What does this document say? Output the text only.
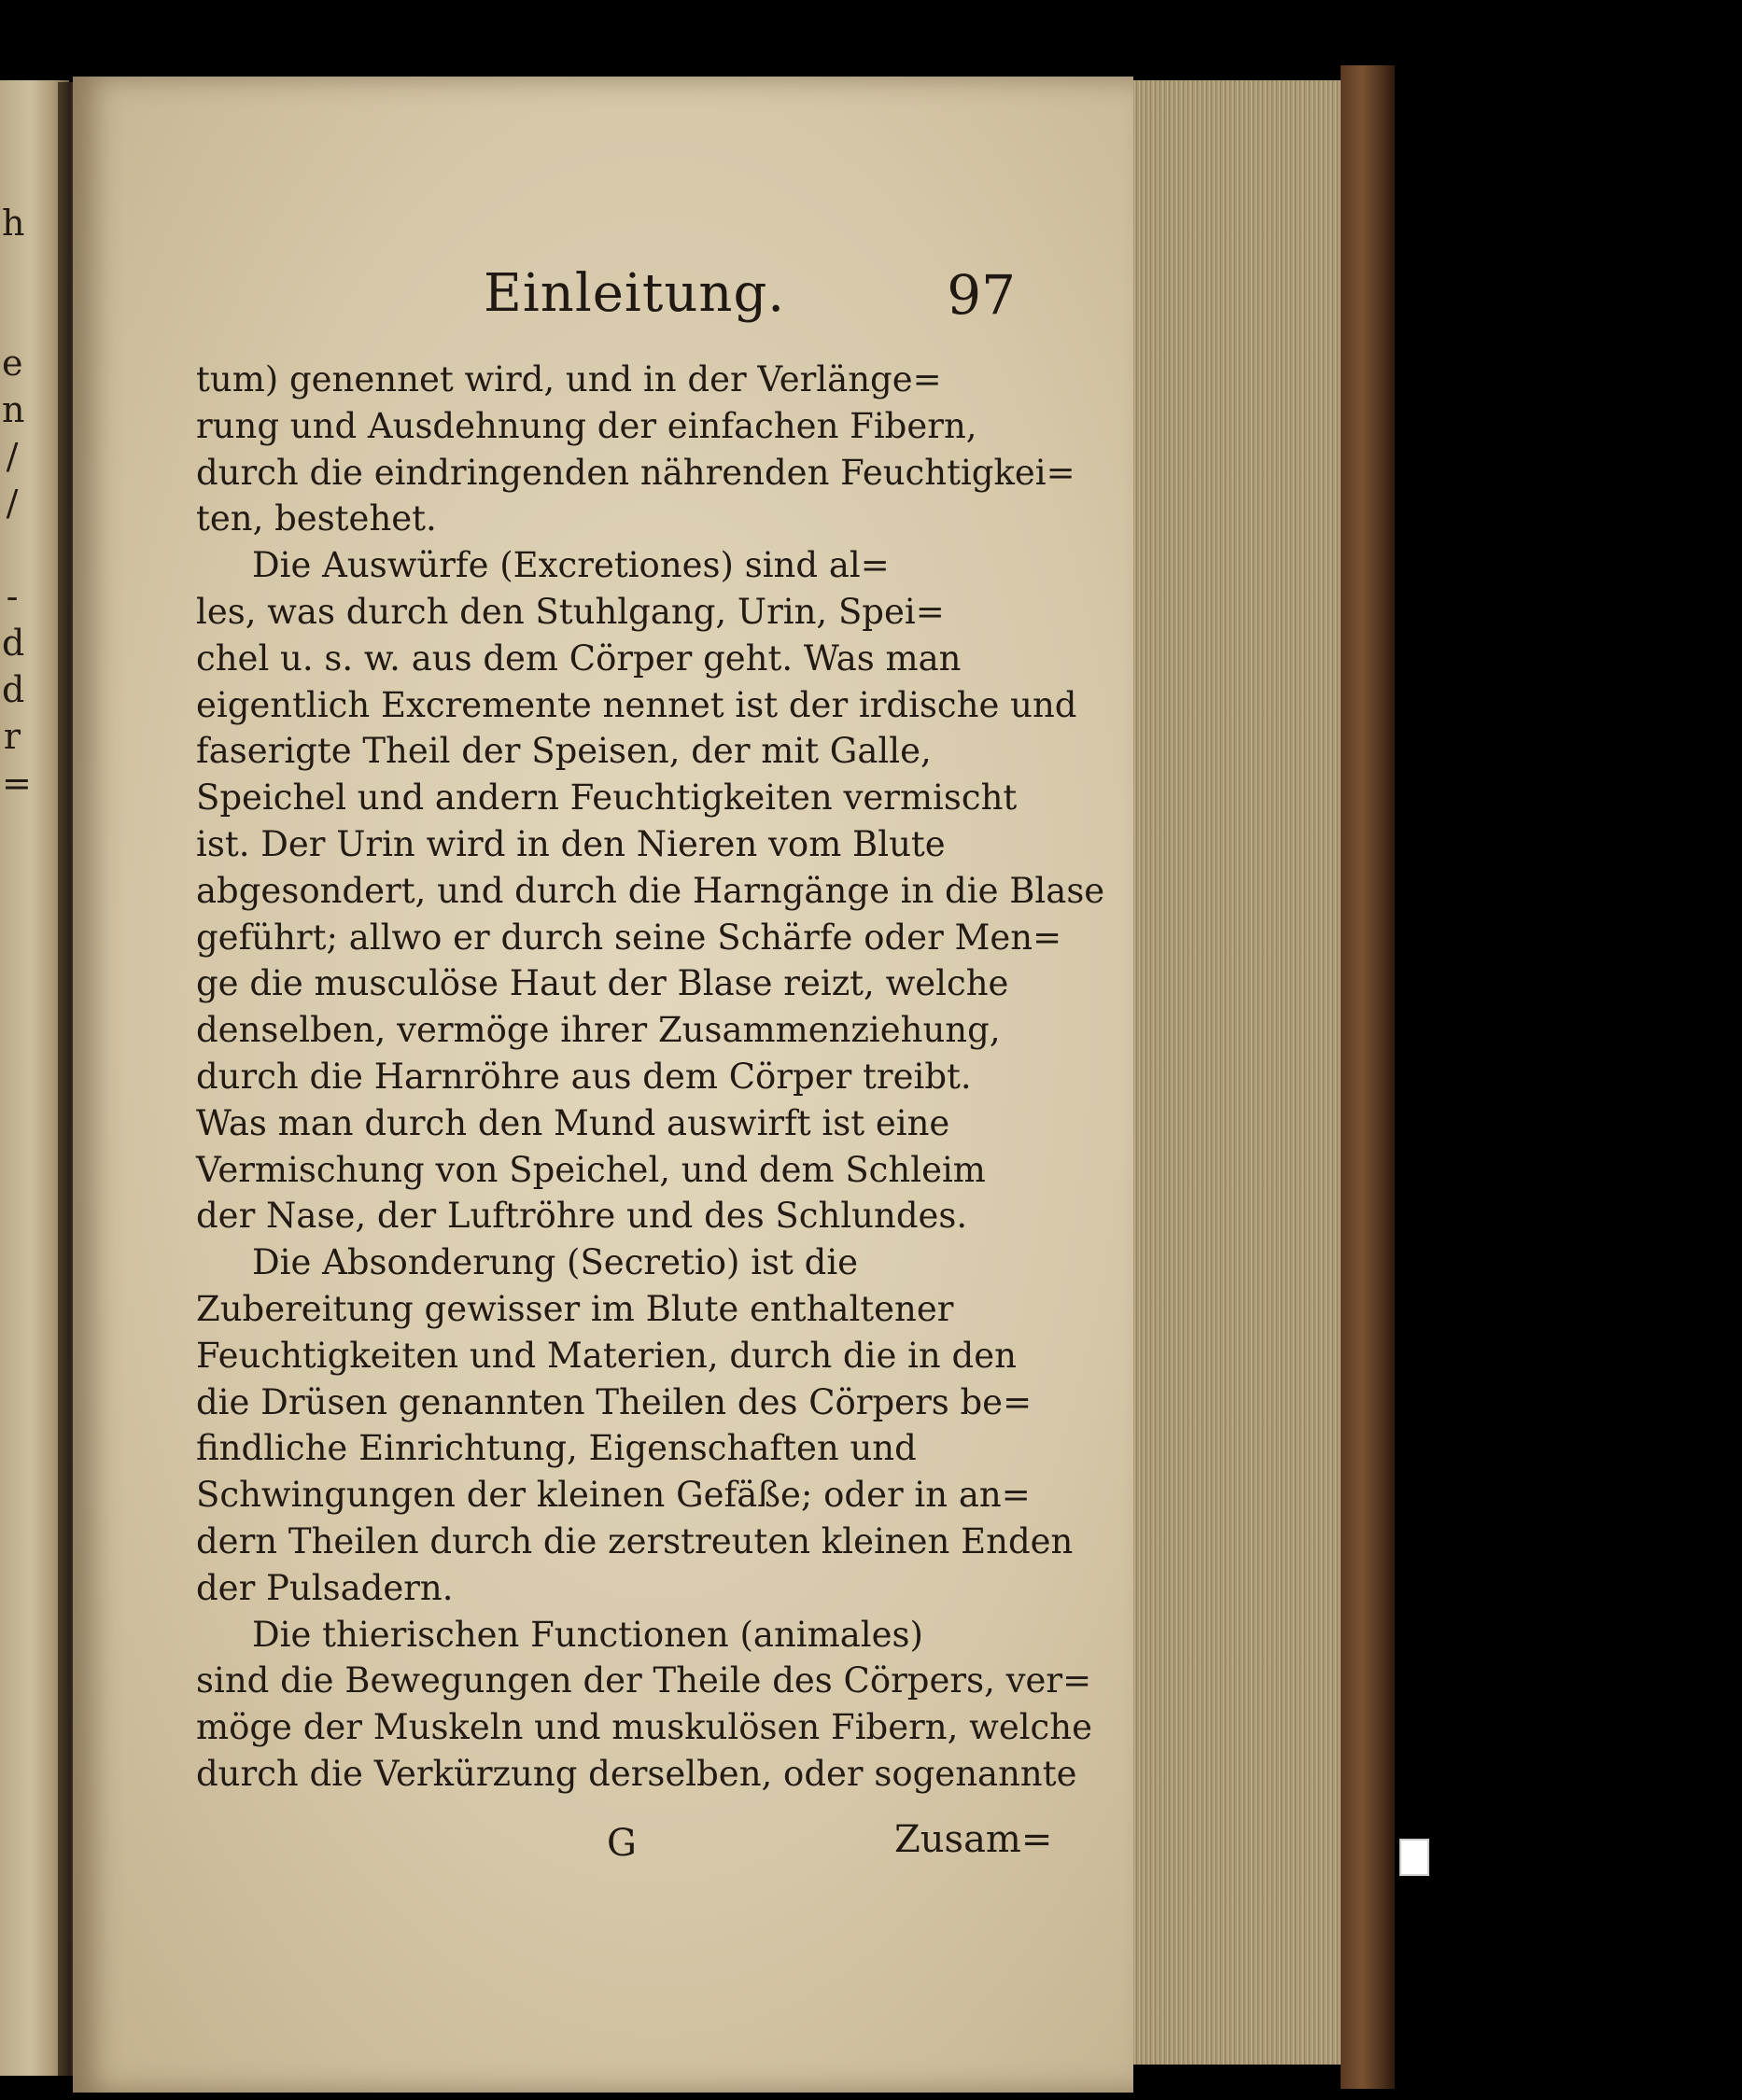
h
e
n
/
/
-
d
d
r
=
Einleitung.	97
tum) genennet wird, und in der Verlänge=
rung und Ausdehnung der einfachen Fibern,
durch die eindringenden nährenden Feuchtigkei=
ten, bestehet.
Die Auswürfe (Excretiones) sind al=
les, was durch den Stuhlgang, Urin, Spei=
chel u. s. w. aus dem Cörper geht. Was man
eigentlich Excremente nennet ist der irdische und
faserigte Theil der Speisen, der mit Galle,
Speichel und andern Feuchtigkeiten vermischt
ist. Der Urin wird in den Nieren vom Blute
abgesondert, und durch die Harngänge in die Blase
geführt; allwo er durch seine Schärfe oder Men=
ge die musculöse Haut der Blase reizt, welche
denselben, vermöge ihrer Zusammenziehung,
durch die Harnröhre aus dem Cörper treibt.
Was man durch den Mund auswirft ist eine
Vermischung von Speichel, und dem Schleim
der Nase, der Luftröhre und des Schlundes.
Die Absonderung (Secretio) ist die
Zubereitung gewisser im Blute enthaltener
Feuchtigkeiten und Materien, durch die in den
die Drüsen genannten Theilen des Cörpers be=
findliche Einrichtung, Eigenschaften und
Schwingungen der kleinen Gefäße; oder in an=
dern Theilen durch die zerstreuten kleinen Enden
der Pulsadern.
Die thierischen Functionen (animales)
sind die Bewegungen der Theile des Cörpers, ver=
möge der Muskeln und muskulösen Fibern, welche
durch die Verkürzung derselben, oder sogenannte
G	Zusam=
